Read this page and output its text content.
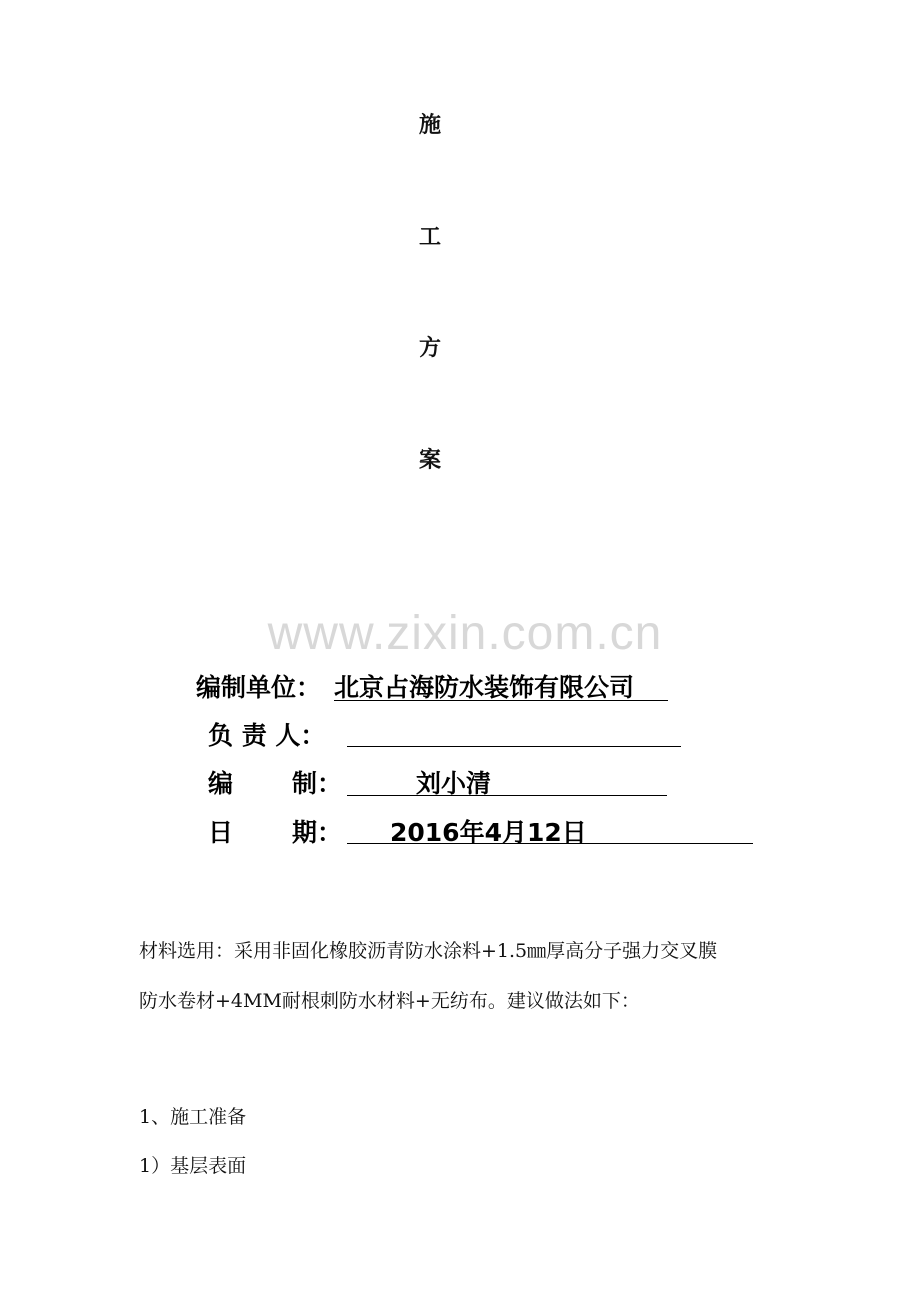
施
工
方
案
www.zixin.com.cn
编制单位： 北京占海防水装饰有限公司
负 责 人：
编 制：	刘小清
日 期： 2016年4月12日
材料选用：采用非固化橡胶沥青防水涂料+1.5㎜厚高分子强力交叉膜
防水卷材+4MM耐根刺防水材料+无纺布。建议做法如下：
1、施工准备
1）基层表面
